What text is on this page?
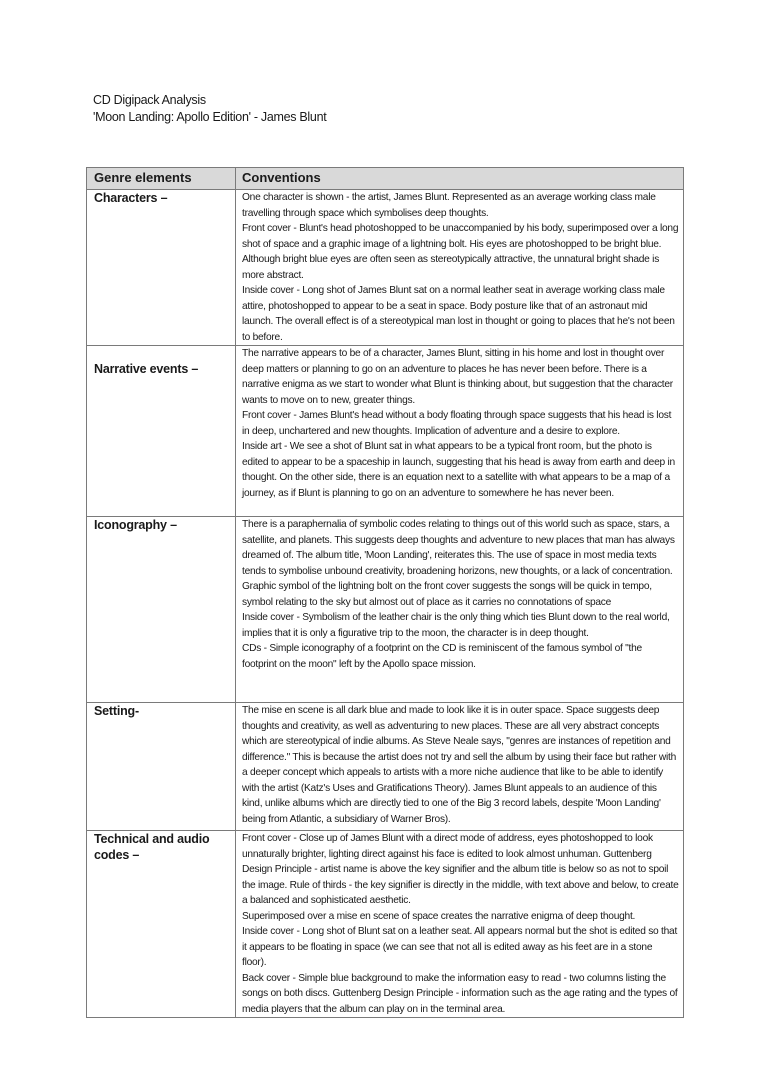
CD Digipack Analysis
'Moon Landing: Apollo Edition' - James Blunt
Genre elements	Conventions
Characters –	One character is shown - the artist, James Blunt. Represented as an average working class male travelling through space which symbolises deep thoughts.

Front cover - Blunt's head photoshopped to be unaccompanied by his body, superimposed over a long shot of space and a graphic image of a lightning bolt. His eyes are photoshopped to be bright blue. Although bright blue eyes are often seen as stereotypically attractive, the unnatural bright shade is more abstract.

Inside cover - Long shot of James Blunt sat on a normal leather seat in average working class male attire, photoshopped to appear to be a seat in space. Body posture like that of an astronaut mid launch. The overall effect is of a stereotypical man lost in thought or going to places that he's not been to before.

Narrative events –	The narrative appears to be of a character, James Blunt, sitting in his home and lost in thought over deep matters or planning to go on an adventure to places he has never been before. There is a narrative enigma as we start to wonder what Blunt is thinking about, but suggestion that the character wants to move on to new, greater things.

Front cover - James Blunt's head without a body floating through space suggests that his head is lost in deep, unchartered and new thoughts. Implication of adventure and a desire to explore.

Inside art - We see a shot of Blunt sat in what appears to be a typical front room, but the photo is edited to appear to be a spaceship in launch, suggesting that his head is away from earth and deep in thought. On the other side, there is an equation next to a satellite with what appears to be a map of a journey, as if Blunt is planning to go on an adventure to somewhere he has never been.

Iconography –	There is a paraphernalia of symbolic codes relating to things out of this world such as space, stars, a satellite, and planets. This suggests deep thoughts and adventure to new places that man has always dreamed of. The album title, 'Moon Landing', reiterates this. The use of space in most media texts tends to symbolise unbound creativity, broadening horizons, new thoughts, or a lack of concentration.

Graphic symbol of the lightning bolt on the front cover suggests the songs will be quick in tempo, symbol relating to the sky but almost out of place as it carries no connotations of space

Inside cover - Symbolism of the leather chair is the only thing which ties Blunt down to the real world, implies that it is only a figurative trip to the moon, the character is in deep thought.

CDs - Simple iconography of a footprint on the CD is reminiscent of the famous symbol of "the footprint on the moon" left by the Apollo space mission.

Setting-	The mise en scene is all dark blue and made to look like it is in outer space. Space suggests deep thoughts and creativity, as well as adventuring to new places. These are all very abstract concepts which are stereotypical of indie albums. As Steve Neale says, "genres are instances of repetition and difference." This is because the artist does not try and sell the album by using their face but rather with a deeper concept which appeals to artists with a more niche audience that like to be able to identify with the artist (Katz's Uses and Gratifications Theory). James Blunt appeals to an audience of this kind, unlike albums which are directly tied to one of the Big 3 record labels, despite 'Moon Landing' being from Atlantic, a subsidiary of Warner Bros).

Technical and audio codes –	Front cover - Close up of James Blunt with a direct mode of address, eyes photoshopped to look unnaturally brighter, lighting direct against his face is edited to look almost unhuman. Guttenberg Design Principle - artist name is above the key signifier and the album title is below so as not to spoil the image. Rule of thirds - the key signifier is directly in the middle, with text above and below, to create a balanced and sophisticated aesthetic.

Superimposed over a mise en scene of space creates the narrative enigma of deep thought.

Inside cover - Long shot of Blunt sat on a leather seat. All appears normal but the shot is edited so that it appears to be floating in space (we can see that not all is edited away as his feet are in a stone floor).

Back cover - Simple blue background to make the information easy to read - two columns listing the songs on both discs. Guttenberg Design Principle - information such as the age rating and the types of media players that the album can play on in the terminal area.
